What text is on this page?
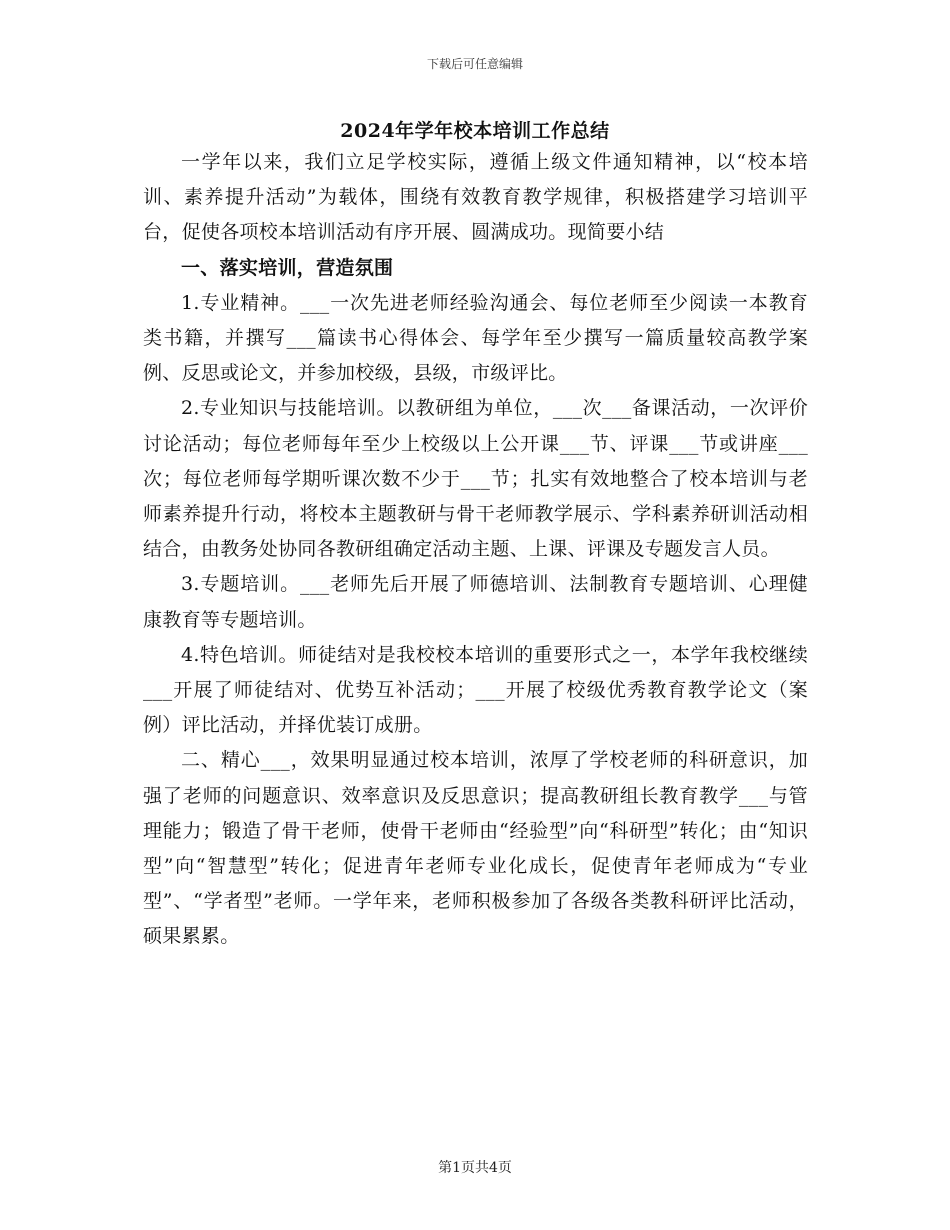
下载后可任意编辑
2024年学年校本培训工作总结

一学年以来，我们立足学校实际，遵循上级文件通知精神，以“校本培训、素养提升活动”为载体，围绕有效教育教学规律，积极搭建学习培训平台，促使各项校本培训活动有序开展、圆满成功。现简要小结

一、落实培训，营造氛围

1.专业精神。___一次先进老师经验沟通会、每位老师至少阅读一本教育类书籍，并撰写___篇读书心得体会、每学年至少撰写一篇质量较高教学案例、反思或论文，并参加校级，县级，市级评比。

2.专业知识与技能培训。以教研组为单位，___次___备课活动，一次评价讨论活动；每位老师每年至少上校级以上公开课___节、评课___节或讲座___次；每位老师每学期听课次数不少于___节；扎实有效地整合了校本培训与老师素养提升行动，将校本主题教研与骨干老师教学展示、学科素养研训活动相结合，由教务处协同各教研组确定活动主题、上课、评课及专题发言人员。

3.专题培训。___老师先后开展了师德培训、法制教育专题培训、心理健康教育等专题培训。

4.特色培训。师徒结对是我校校本培训的重要形式之一，本学年我校继续___开展了师徒结对、优势互补活动；___开展了校级优秀教育教学论文（案例）评比活动，并择优装订成册。

二、精心___，效果明显通过校本培训，浓厚了学校老师的科研意识，加强了老师的问题意识、效率意识及反思意识；提高教研组长教育教学___与管理能力；锻造了骨干老师，使骨干老师由“经验型”向“科研型”转化；由“知识型”向“智慧型”转化；促进青年老师专业化成长，促使青年老师成为“专业型”、“学者型”老师。一学年来，老师积极参加了各级各类教科研评比活动，硕果累累。

第1页共4页
